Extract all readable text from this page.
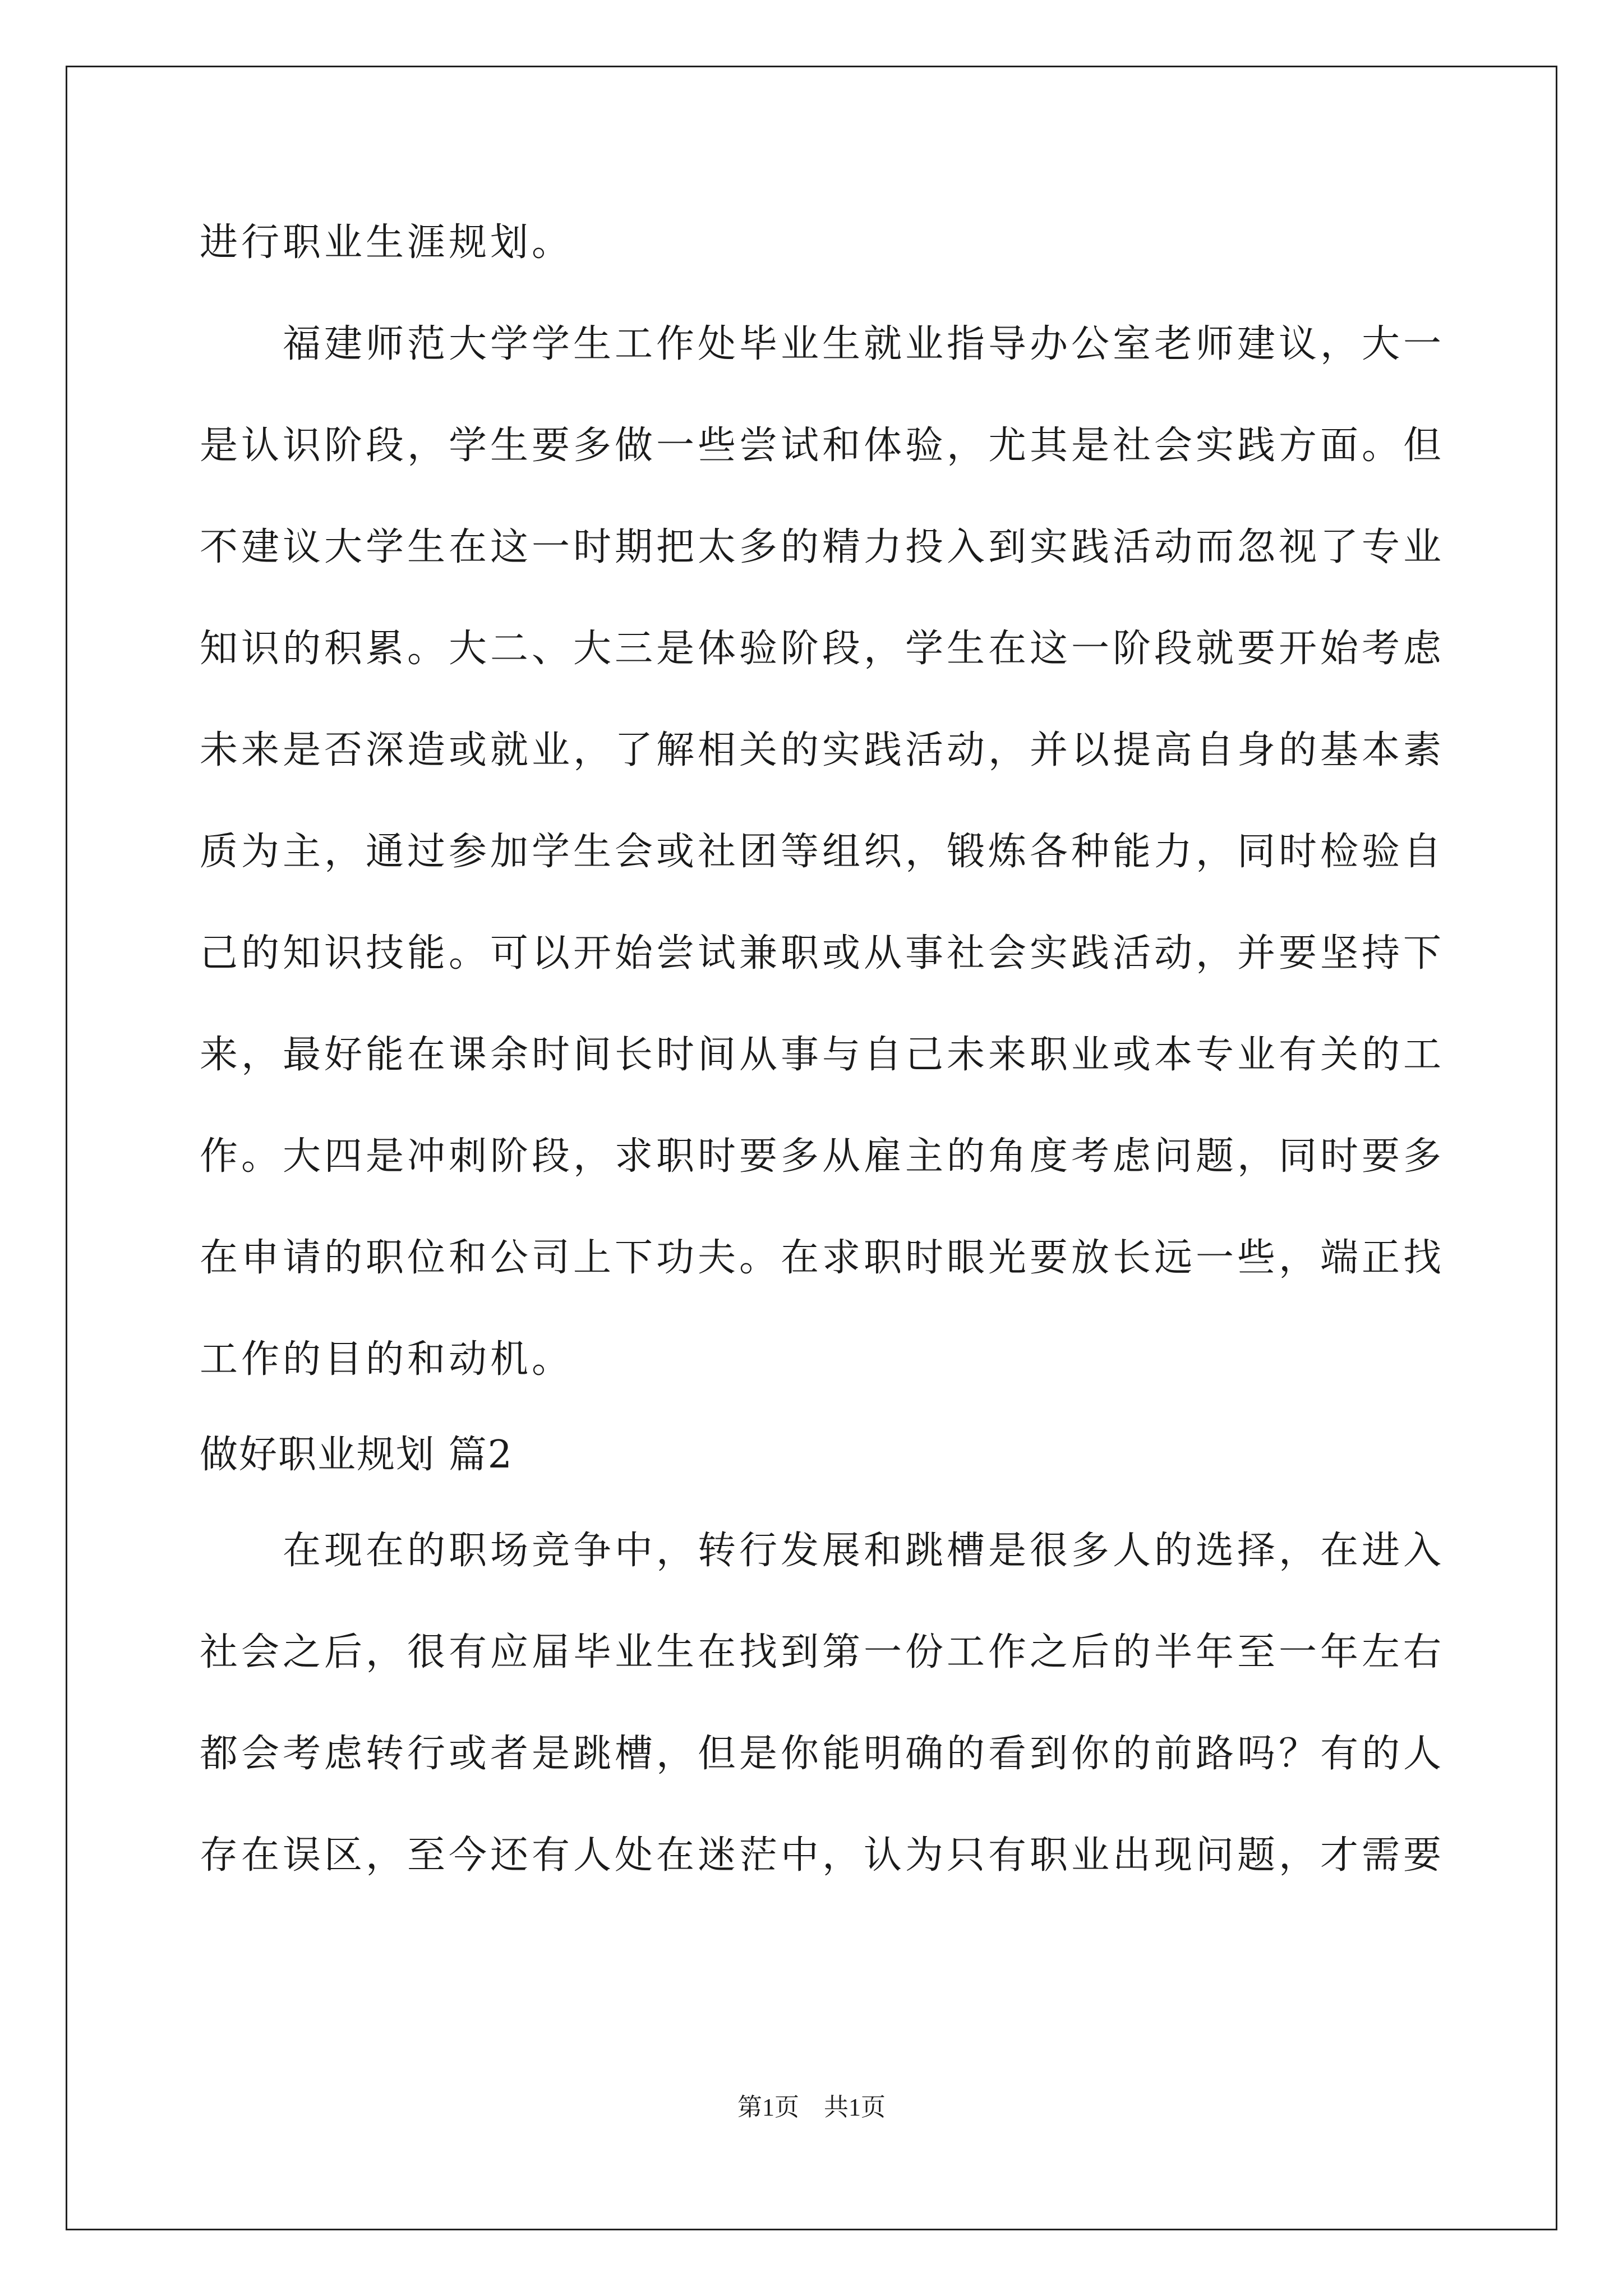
进行职业生涯规划。
　　福建师范大学学生工作处毕业生就业指导办公室老师建议，大一
是认识阶段，学生要多做一些尝试和体验，尤其是社会实践方面。但
不建议大学生在这一时期把太多的精力投入到实践活动而忽视了专业
知识的积累。大二、大三是体验阶段，学生在这一阶段就要开始考虑
未来是否深造或就业，了解相关的实践活动，并以提高自身的基本素
质为主，通过参加学生会或社团等组织，锻炼各种能力，同时检验自
己的知识技能。可以开始尝试兼职或从事社会实践活动，并要坚持下
来，最好能在课余时间长时间从事与自己未来职业或本专业有关的工
作。大四是冲刺阶段，求职时要多从雇主的角度考虑问题，同时要多
在申请的职位和公司上下功夫。在求职时眼光要放长远一些，端正找
工作的目的和动机。
做好职业规划 篇2
　　在现在的职场竞争中，转行发展和跳槽是很多人的选择，在进入
社会之后，很有应届毕业生在找到第一份工作之后的半年至一年左右
都会考虑转行或者是跳槽，但是你能明确的看到你的前路吗？有的人
存在误区，至今还有人处在迷茫中，认为只有职业出现问题，才需要
第1页　共1页
